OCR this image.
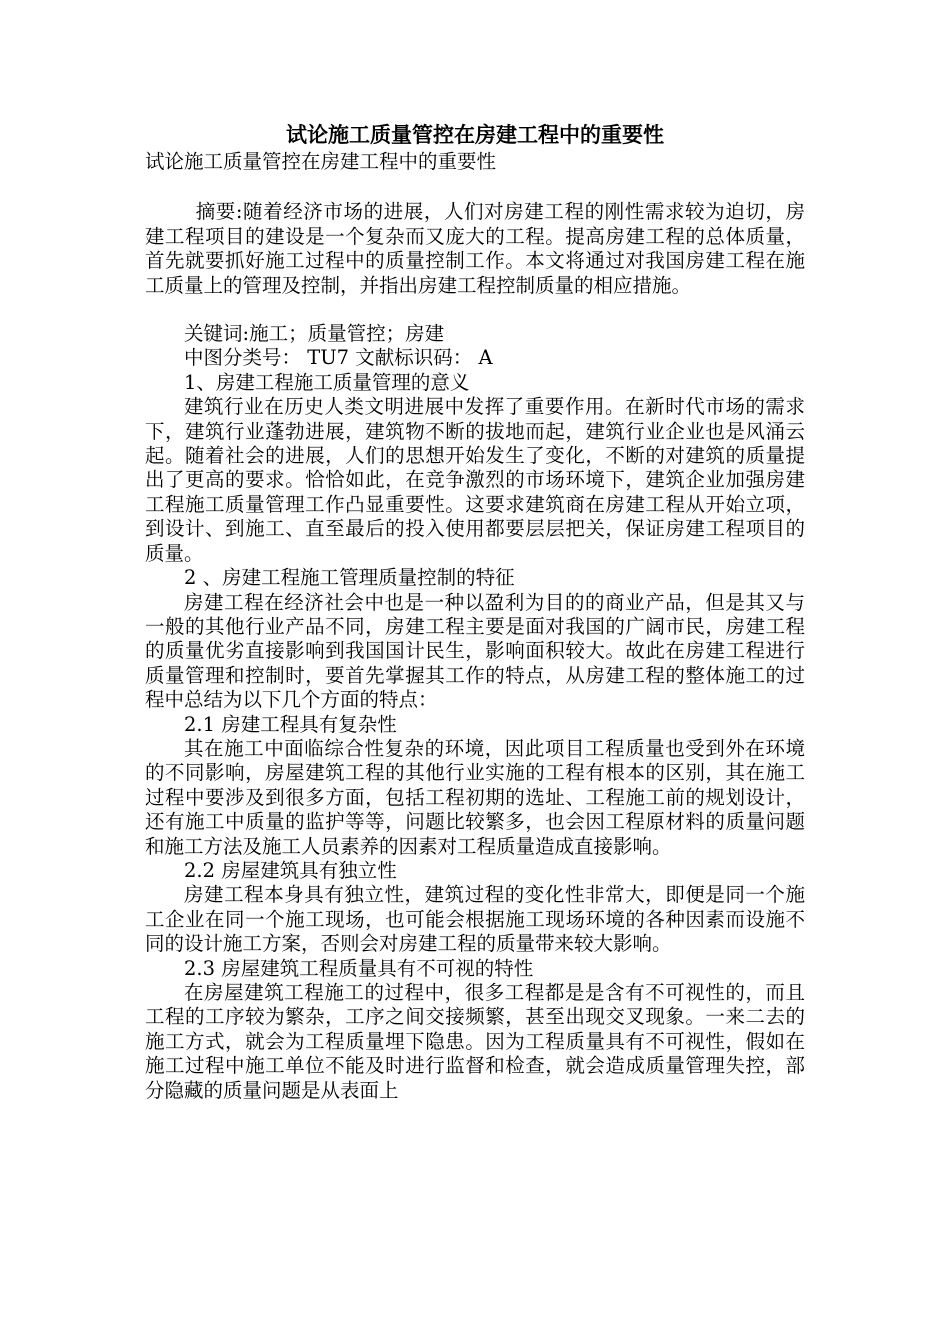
试论施工质量管控在房建工程中的重要性

试论施工质量管控在房建工程中的重要性

摘要:随着经济市场的进展，人们对房建工程的刚性需求较为迫切，房建工程项目的建设是一个复杂而又庞大的工程。提高房建工程的总体质量，首先就要抓好施工过程中的质量控制工作。本文将通过对我国房建工程在施工质量上的管理及控制，并指出房建工程控制质量的相应措施。

关键词:施工；质量管控；房建

中图分类号： TU7 文献标识码： A

1、房建工程施工质量管理的意义

建筑行业在历史人类文明进展中发挥了重要作用。在新时代市场的需求下，建筑行业蓬勃进展，建筑物不断的拔地而起，建筑行业企业也是风涌云起。随着社会的进展，人们的思想开始发生了变化，不断的对建筑的质量提出了更高的要求。恰恰如此，在竞争激烈的市场环境下，建筑企业加强房建工程施工质量管理工作凸显重要性。这要求建筑商在房建工程从开始立项，到设计、到施工、直至最后的投入使用都要层层把关，保证房建工程项目的质量。

2 、房建工程施工管理质量控制的特征

房建工程在经济社会中也是一种以盈利为目的的商业产品，但是其又与一般的其他行业产品不同，房建工程主要是面对我国的广阔市民，房建工程的质量优劣直接影响到我国国计民生，影响面积较大。故此在房建工程进行质量管理和控制时，要首先掌握其工作的特点，从房建工程的整体施工的过程中总结为以下几个方面的特点：

2.1 房建工程具有复杂性

其在施工中面临综合性复杂的环境，因此项目工程质量也受到外在环境的不同影响，房屋建筑工程的其他行业实施的工程有根本的区别，其在施工过程中要涉及到很多方面，包括工程初期的选址、工程施工前的规划设计，还有施工中质量的监护等等，问题比较繁多，也会因工程原材料的质量问题和施工方法及施工人员素养的因素对工程质量造成直接影响。

2.2 房屋建筑具有独立性

房建工程本身具有独立性，建筑过程的变化性非常大，即便是同一个施工企业在同一个施工现场，也可能会根据施工现场环境的各种因素而设施不同的设计施工方案，否则会对房建工程的质量带来较大影响。

2.3 房屋建筑工程质量具有不可视的特性

在房屋建筑工程施工的过程中，很多工程都是是含有不可视性的，而且工程的工序较为繁杂，工序之间交接频繁，甚至出现交叉现象。一来二去的施工方式，就会为工程质量埋下隐患。因为工程质量具有不可视性，假如在施工过程中施工单位不能及时进行监督和检查，就会造成质量管理失控，部分隐藏的质量问题是从表面上
